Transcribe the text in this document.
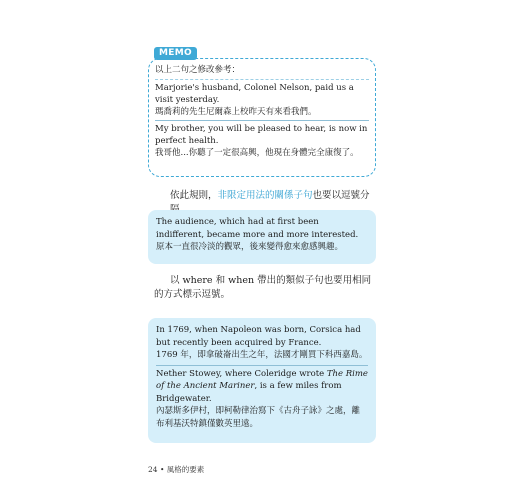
MEMO
以上二句之修改參考：
Marjorie's husband, Colonel Nelson, paid us a visit yesterday.
瑪喬莉的先生尼爾森上校昨天有來看我們。
My brother, you will be pleased to hear, is now in perfect health.
我哥他...你聽了一定很高興，他現在身體完全康復了。
依此規則，非限定用法的關係子句也要以逗號分
The audience, which had at first been indifferent, became more and more interested.
原本一直很冷淡的觀眾，後來變得愈來愈感興趣。
以 where 和 when 帶出的類似子句也要用相同的方式標示逗號。
In 1769, when Napoleon was born, Corsica had but recently been acquired by France.
1769 年，即拿破崙出生之年，法國才剛買下科西嘉島。
Nether Stowey, where Coleridge wrote The Rime of the Ancient Mariner, is a few miles from Bridgewater.
內瑟斯多伊村，即柯勒律治寫下《古舟子詠》之處，離布利基沃特鎮僅數英里遠。
24 • 風格的要素
